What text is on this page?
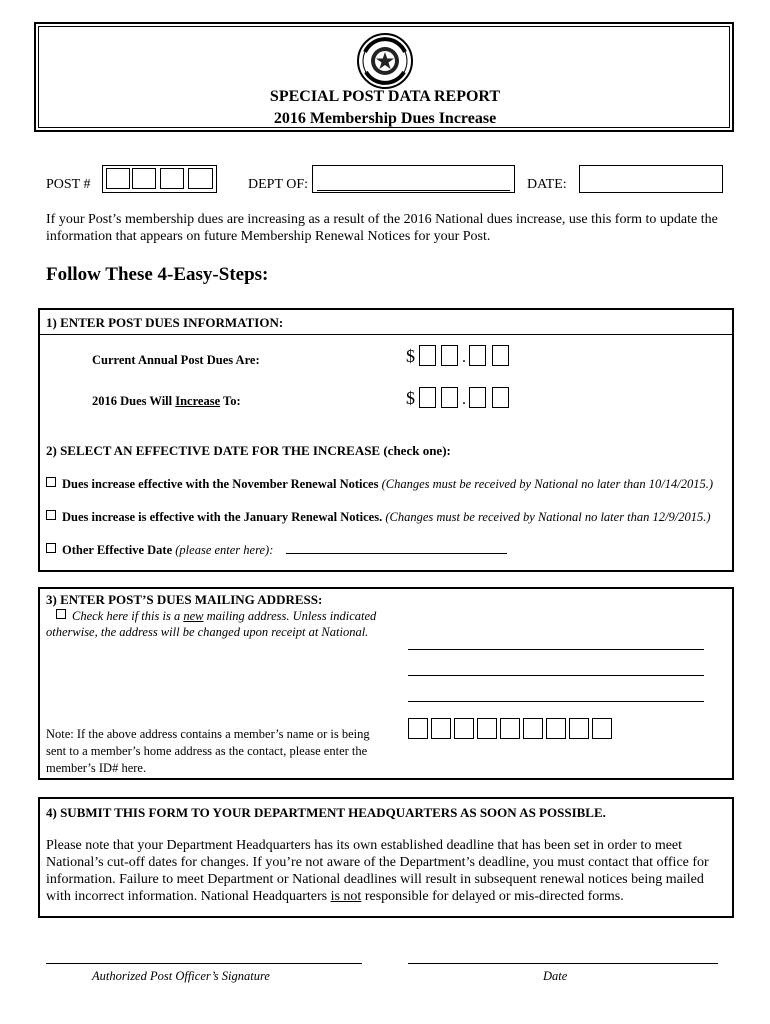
SPECIAL POST DATA REPORT
2016 Membership Dues Increase
POST #	DEPT OF:	DATE:
If your Post’s membership dues are increasing as a result of the 2016 National dues increase, use this form to update the information that appears on future Membership Renewal Notices for your Post.
Follow These 4-Easy-Steps:
1) ENTER POST DUES INFORMATION:
Current Annual Post Dues Are:	$	.
2016 Dues Will Increase To:	$	.
2) SELECT AN EFFECTIVE DATE FOR THE INCREASE (check one):
Dues increase effective with the November Renewal Notices (Changes must be received by National no later than 10/14/2015.)
Dues increase is effective with the January Renewal Notices. (Changes must be received by National no later than 12/9/2015.)
Other Effective Date (please enter here):
3) ENTER POST’S DUES MAILING ADDRESS:
Check here if this is a new mailing address. Unless indicated
otherwise, the address will be changed upon receipt at National.
Note: If the above address contains a member’s name or is being
sent to a member’s home address as the contact, please enter the
member’s ID# here.
4) SUBMIT THIS FORM TO YOUR DEPARTMENT HEADQUARTERS AS SOON AS POSSIBLE.
Please note that your Department Headquarters has its own established deadline that has been set in order to meet National’s cut-off dates for changes. If you’re not aware of the Department’s deadline, you must contact that office for information. Failure to meet Department or National deadlines will result in subsequent renewal notices being mailed with incorrect information. National Headquarters is not responsible for delayed or mis-directed forms.
Authorized Post Officer’s Signature	Date
